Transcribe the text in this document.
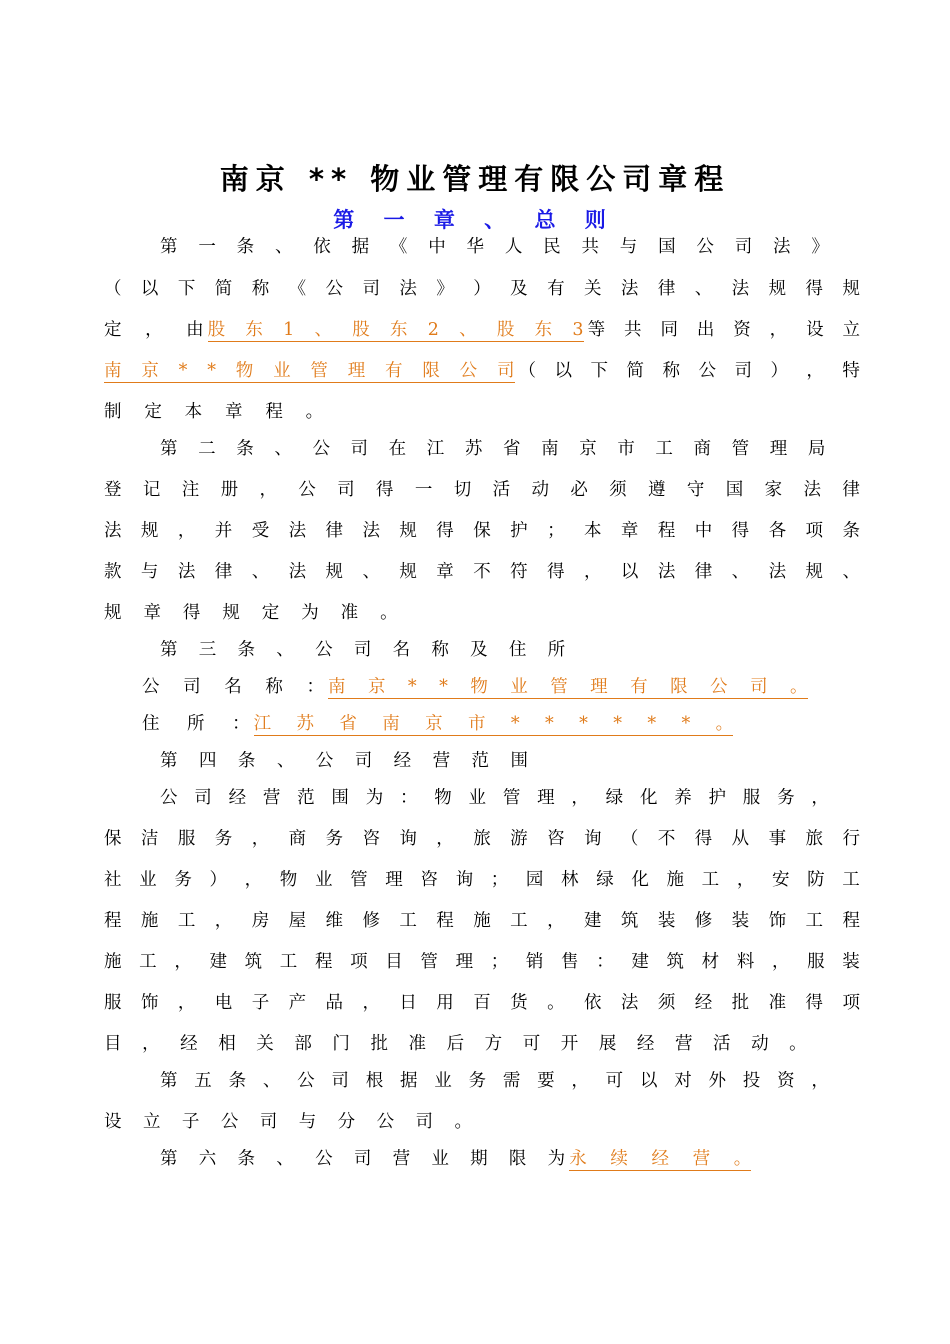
南京 ** 物业管理有限公司章程
第 一 章 、 总 则
第 一 条 、 依 据 《 中 华 人 民 共 与 国 公 司 法 》
（ 以 下 简 称 《 公 司 法 》 ） 及 有 关 法 律 、 法 规 得 规
定 ， 由 股 东 1 、 股 东 2 、 股 东 3 等 共 同 出 资 ， 设 立
南 京 * * 物 业 管 理 有 限 公 司 （ 以 下 简 称 公 司 ） ， 特
制 定 本 章 程 。
第 二 条 、 公 司 在 江 苏 省 南 京 市 工 商 管 理 局
登 记 注 册 ， 公 司 得 一 切 活 动 必 须 遵 守 国 家 法 律
法 规 ， 并 受 法 律 法 规 得 保 护 ； 本 章 程 中 得 各 项 条
款 与 法 律 、 法 规 、 规 章 不 符 得 ， 以 法 律 、 法 规 、
规 章 得 规 定 为 准 。
第 三 条 、 公 司 名 称 及 住 所
公 司 名 称 ： 南 京 * * 物 业 管 理 有 限 公 司 。
住 所 ： 江 苏 省 南 京 市 * * * * * * 。
第 四 条 、 公 司 经 营 范 围
公 司 经 营 范 围 为 ： 物 业 管 理 ， 绿 化 养 护 服 务 ，
保 洁 服 务 ， 商 务 咨 询 ， 旅 游 咨 询 （ 不 得 从 事 旅 行
社 业 务 ） ， 物 业 管 理 咨 询 ； 园 林 绿 化 施 工 ， 安 防 工
程 施 工 ， 房 屋 维 修 工 程 施 工 ， 建 筑 装 修 装 饰 工 程
施 工 ， 建 筑 工 程 项 目 管 理 ； 销 售 ： 建 筑 材 料 ， 服 装
服 饰 ， 电 子 产 品 ， 日 用 百 货 。 依 法 须 经 批 准 得 项
目 ， 经 相 关 部 门 批 准 后 方 可 开 展 经 营 活 动 。
第 五 条 、 公 司 根 据 业 务 需 要 ， 可 以 对 外 投 资 ，
设 立 子 公 司 与 分 公 司 。
第 六 条 、 公 司 营 业 期 限 为 永 续 经 营 。
